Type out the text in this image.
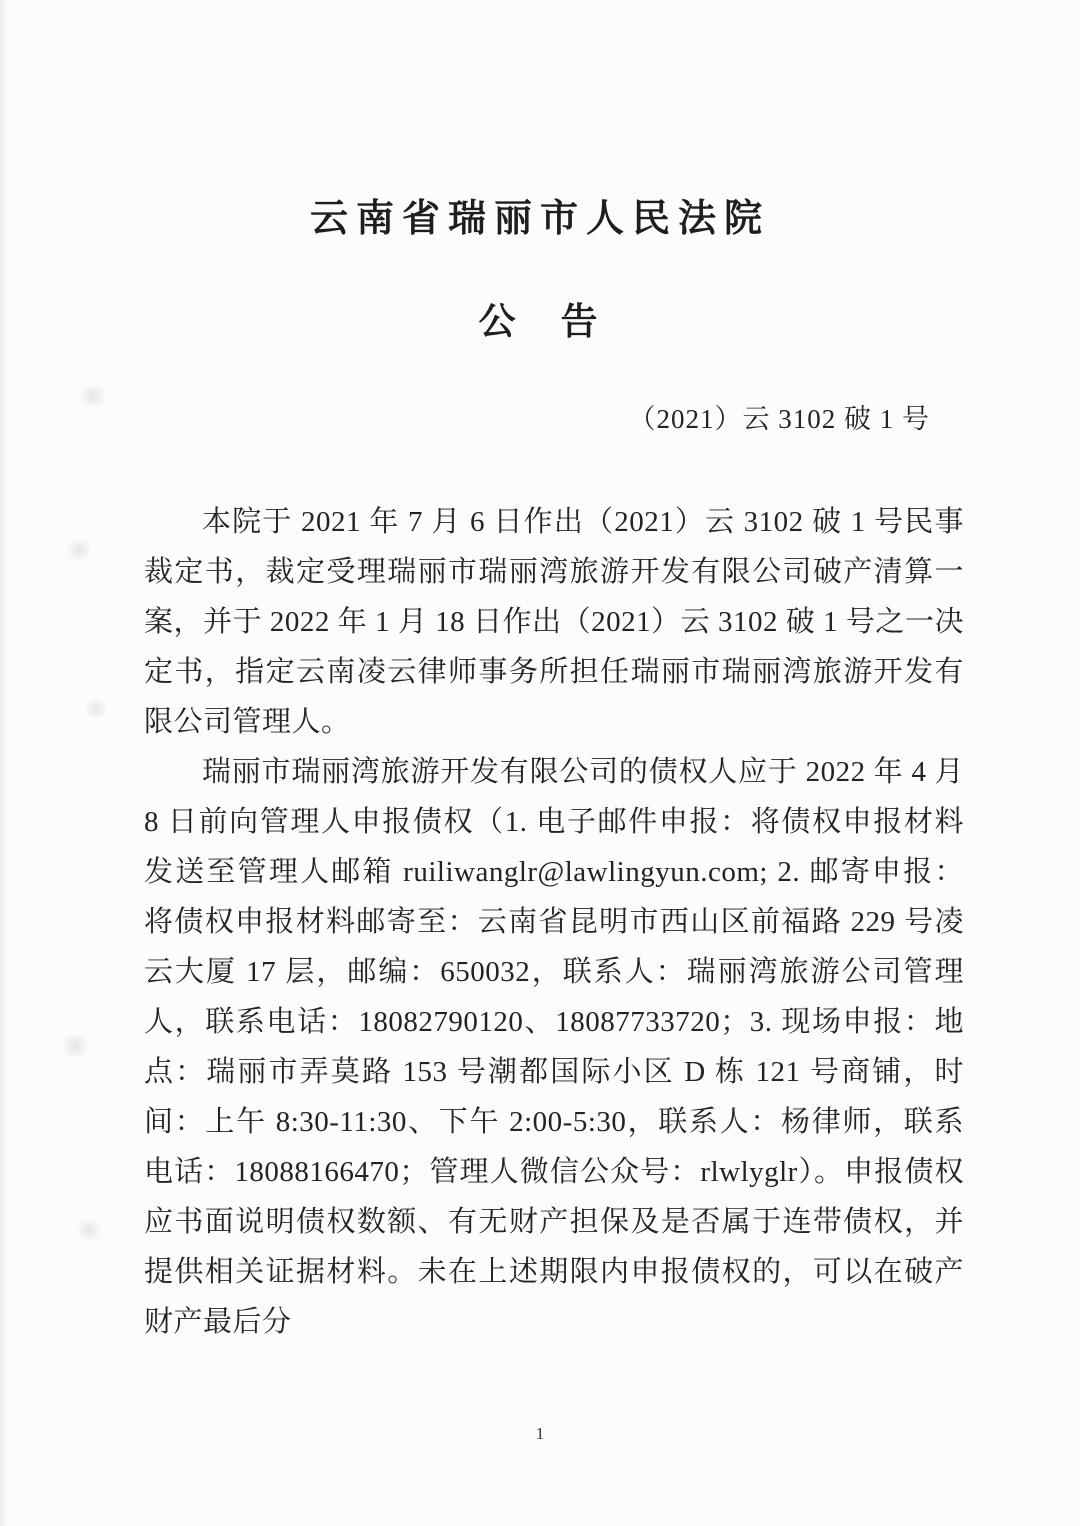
云南省瑞丽市人民法院
公　告
（2021）云 3102 破 1 号

本院于 2021 年 7 月 6 日作出（2021）云 3102 破 1 号民事裁定书，裁定受理瑞丽市瑞丽湾旅游开发有限公司破产清算一案，并于 2022 年 1 月 18 日作出（2021）云 3102 破 1 号之一决定书，指定云南凌云律师事务所担任瑞丽市瑞丽湾旅游开发有限公司管理人。

瑞丽市瑞丽湾旅游开发有限公司的债权人应于 2022 年 4 月 8 日前向管理人申报债权（1. 电子邮件申报：将债权申报材料发送至管理人邮箱 ruiliwanglr@lawlingyun.com; 2. 邮寄申报：将债权申报材料邮寄至：云南省昆明市西山区前福路 229 号凌云大厦 17 层，邮编：650032，联系人：瑞丽湾旅游公司管理人，联系电话：18082790120、18087733720；3. 现场申报：地点：瑞丽市弄莫路 153 号潮都国际小区 D 栋 121 号商铺，时间：上午 8:30-11:30、下午 2:00-5:30，联系人：杨律师，联系电话：18088166470；管理人微信公众号：rlwlyglr）。申报债权应书面说明债权数额、有无财产担保及是否属于连带债权，并提供相关证据材料。未在上述期限内申报债权的，可以在破产财产最后分

1
